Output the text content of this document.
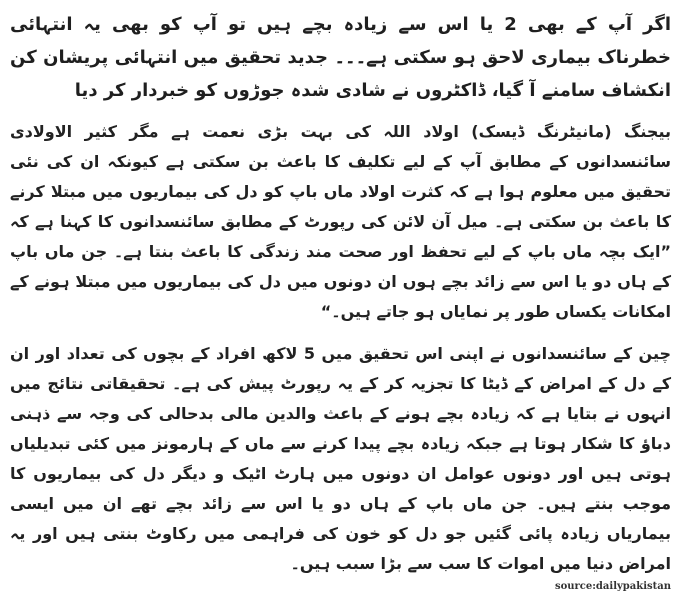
اگر آپ کے بھی 2 یا اس سے زیادہ بچے ہیں تو آپ کو بھی یہ انتہائی خطرناک بیماری لاحق ہو سکتی ہے۔۔۔ جدید تحقیق میں انتہائی پریشان کن انکشاف سامنے آ گیا، ڈاکٹروں نے شادی شدہ جوڑوں کو خبردار کر دیا

بیجنگ (مانیٹرنگ ڈیسک) اولاد اللہ کی بہت بڑی نعمت ہے مگر کثیر الاولادی سائنسدانوں کے مطابق آپ کے لیے تکلیف کا باعث بن سکتی ہے کیونکہ ان کی نئی تحقیق میں معلوم ہوا ہے کہ کثرت اولاد ماں باپ کو دل کی بیماریوں میں مبتلا کرنے کا باعث بن سکتی ہے۔ میل آن لائن کی رپورٹ کے مطابق سائنسدانوں کا کہنا ہے کہ ”ایک بچہ ماں باپ کے لیے تحفظ اور صحت مند زندگی کا باعث بنتا ہے۔ جن ماں باپ کے ہاں دو یا اس سے زائد بچے ہوں ان دونوں میں دل کی بیماریوں میں مبتلا ہونے کے امکانات یکساں طور پر نمایاں ہو جاتے ہیں۔“

چین کے سائنسدانوں نے اپنی اس تحقیق میں 5 لاکھ افراد کے بچوں کی تعداد اور ان کے دل کے امراض کے ڈیٹا کا تجزیہ کر کے یہ رپورٹ پیش کی ہے۔ تحقیقاتی نتائج میں انہوں نے بتایا ہے کہ زیادہ بچے ہونے کے باعث والدین مالی بدحالی کی وجہ سے ذہنی دباؤ کا شکار ہوتا ہے جبکہ زیادہ بچے پیدا کرنے سے ماں کے ہارمونز میں کئی تبدیلیاں ہوتی ہیں اور دونوں عوامل ان دونوں میں ہارٹ اٹیک و دیگر دل کی بیماریوں کا موجب بنتے ہیں۔ جن ماں باپ کے ہاں دو یا اس سے زائد بچے تھے ان میں ایسی بیماریاں زیادہ پائی گئیں جو دل کو خون کی فراہمی میں رکاوٹ بنتی ہیں اور یہ امراض دنیا میں اموات کا سب سے بڑا سبب ہیں۔

source:dailypakistan
